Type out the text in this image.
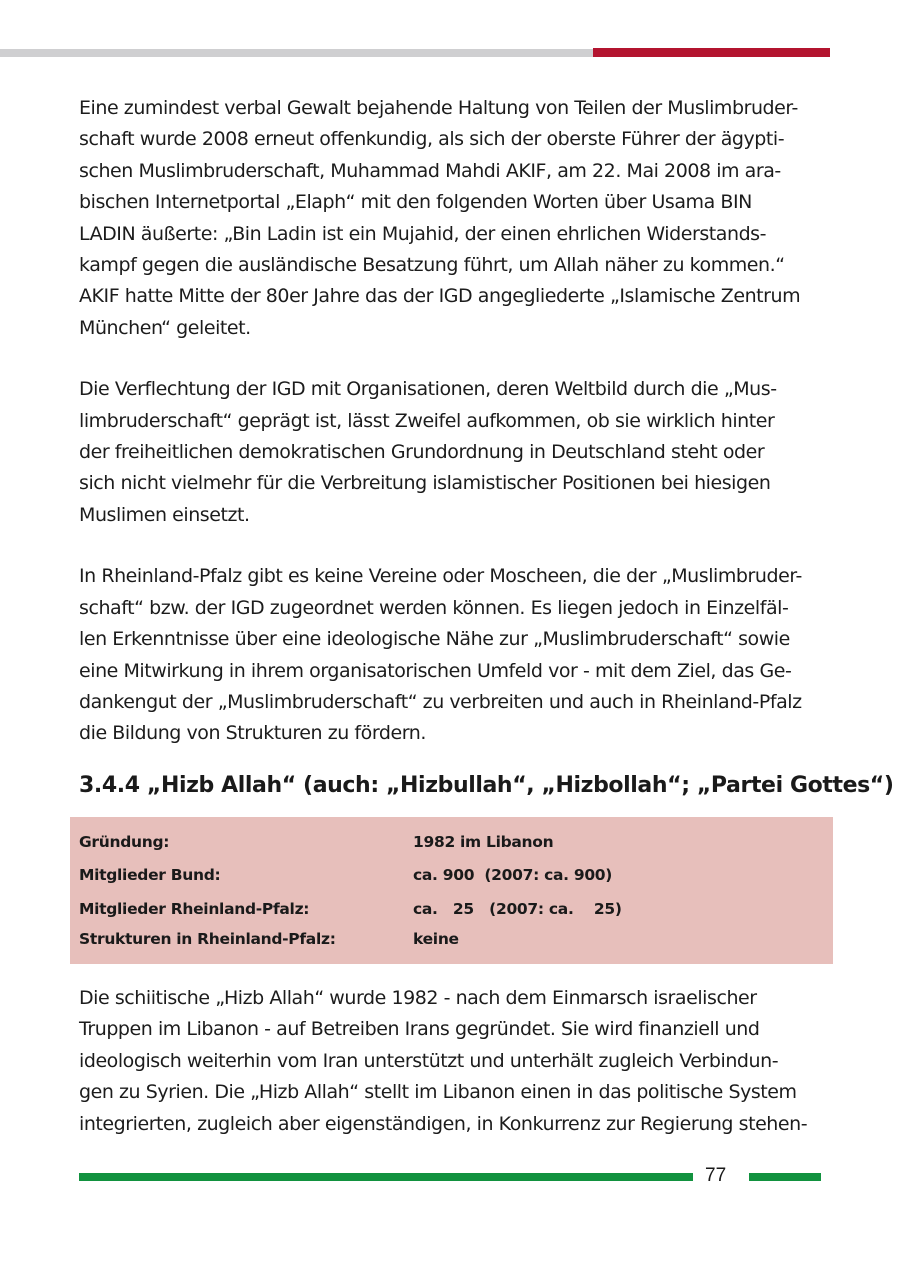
Eine zumindest verbal Gewalt bejahende Haltung von Teilen der Muslimbruder-
schaft wurde 2008 erneut offenkundig, als sich der oberste Führer der ägypti-
schen Muslimbruderschaft, Muhammad Mahdi AKIF, am 22. Mai 2008 im ara-
bischen Internetportal „Elaph“ mit den folgenden Worten über Usama BIN
LADIN äußerte: „Bin Ladin ist ein Mujahid, der einen ehrlichen Widerstands-
kampf gegen die ausländische Besatzung führt, um Allah näher zu kommen.“
AKIF hatte Mitte der 80er Jahre das der IGD angegliederte „Islamische Zentrum
München“ geleitet.

Die Verflechtung der IGD mit Organisationen, deren Weltbild durch die „Mus-
limbruderschaft“ geprägt ist, lässt Zweifel aufkommen, ob sie wirklich hinter
der freiheitlichen demokratischen Grundordnung in Deutschland steht oder
sich nicht vielmehr für die Verbreitung islamistischer Positionen bei hiesigen
Muslimen einsetzt.

In Rheinland-Pfalz gibt es keine Vereine oder Moscheen, die der „Muslimbruder-
schaft“ bzw. der IGD zugeordnet werden können. Es liegen jedoch in Einzelfäl-
len Erkenntnisse über eine ideologische Nähe zur „Muslimbruderschaft“ sowie
eine Mitwirkung in ihrem organisatorischen Umfeld vor - mit dem Ziel, das Ge-
dankengut der „Muslimbruderschaft“ zu verbreiten und auch in Rheinland-Pfalz
die Bildung von Strukturen zu fördern.

3.4.4 „Hizb Allah“ (auch: „Hizbullah“, „Hizbollah“; „Partei Gottes“)
Gründung:	1982 im Libanon
Mitglieder Bund:	ca. 900  (2007: ca. 900)
Mitglieder Rheinland-Pfalz:	ca.   25   (2007: ca.    25)
Strukturen in Rheinland-Pfalz:	keine

Die schiitische „Hizb Allah“ wurde 1982 - nach dem Einmarsch israelischer
Truppen im Libanon - auf Betreiben Irans gegründet. Sie wird finanziell und
ideologisch weiterhin vom Iran unterstützt und unterhält zugleich Verbindun-
gen zu Syrien. Die „Hizb Allah“ stellt im Libanon einen in das politische System
integrierten, zugleich aber eigenständigen, in Konkurrenz zur Regierung stehen-

77
